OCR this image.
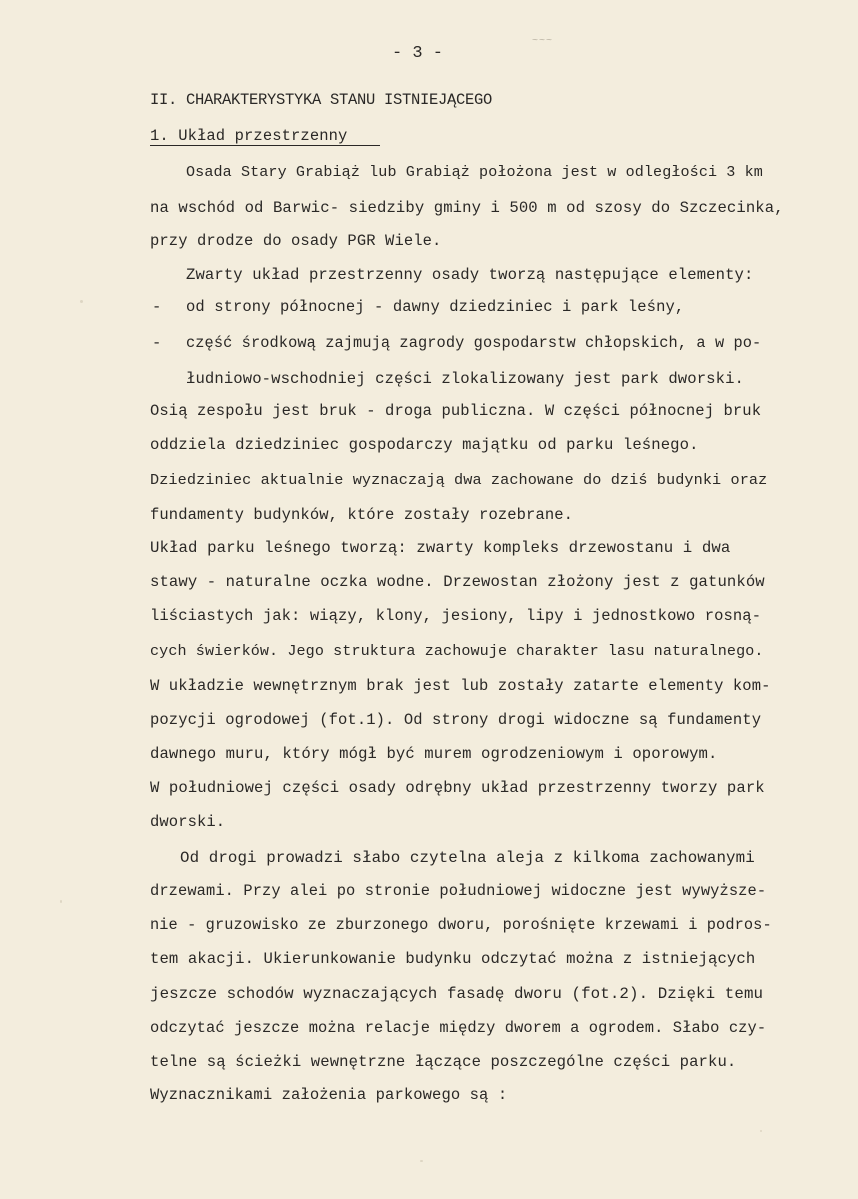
~~~
- 3 -
II. CHARAKTERYSTYKA STANU ISTNIEJĄCEGO
1. Układ przestrzenny
Osada Stary Grabiąż lub Grabiąż położona jest w odległości 3 km
na wschód od Barwic- siedziby gminy i 500 m od szosy do Szczecinka,
przy drodze do osady PGR Wiele.
Zwarty układ przestrzenny osady tworzą następujące elementy:
- od strony północnej - dawny dziedziniec i park leśny,
- część środkową zajmują zagrody gospodarstw chłopskich, a w po-
łudniowo-wschodniej części zlokalizowany jest park dworski.
Osią zespołu jest bruk - droga publiczna. W części północnej bruk
oddziela dziedziniec gospodarczy majątku od parku leśnego.
Dziedziniec aktualnie wyznaczają dwa zachowane do dziś budynki oraz
fundamenty budynków, które zostały rozebrane.
Układ parku leśnego tworzą: zwarty kompleks drzewostanu i dwa
stawy - naturalne oczka wodne. Drzewostan złożony jest z gatunków
liściastych jak: wiązy, klony, jesiony, lipy i jednostkowo rosną-
cych świerków. Jego struktura zachowuje charakter lasu naturalnego.
W układzie wewnętrznym brak jest lub zostały zatarte elementy kom-
pozycji ogrodowej (fot.1). Od strony drogi widoczne są fundamenty
dawnego muru, który mógł być murem ogrodzeniowym i oporowym.
W południowej części osady odrębny układ przestrzenny tworzy park
dworski.
Od drogi prowadzi słabo czytelna aleja z kilkoma zachowanymi
drzewami. Przy alei po stronie południowej widoczne jest wywyższe-
nie - gruzowisko ze zburzonego dworu, porośnięte krzewami i podros-
tem akacji. Ukierunkowanie budynku odczytać można z istniejących
jeszcze schodów wyznaczających fasadę dworu (fot.2). Dzięki temu
odczytać jeszcze można relacje między dworem a ogrodem. Słabo czy-
telne są ścieżki wewnętrzne łączące poszczególne części parku.
Wyznacznikami założenia parkowego są :
